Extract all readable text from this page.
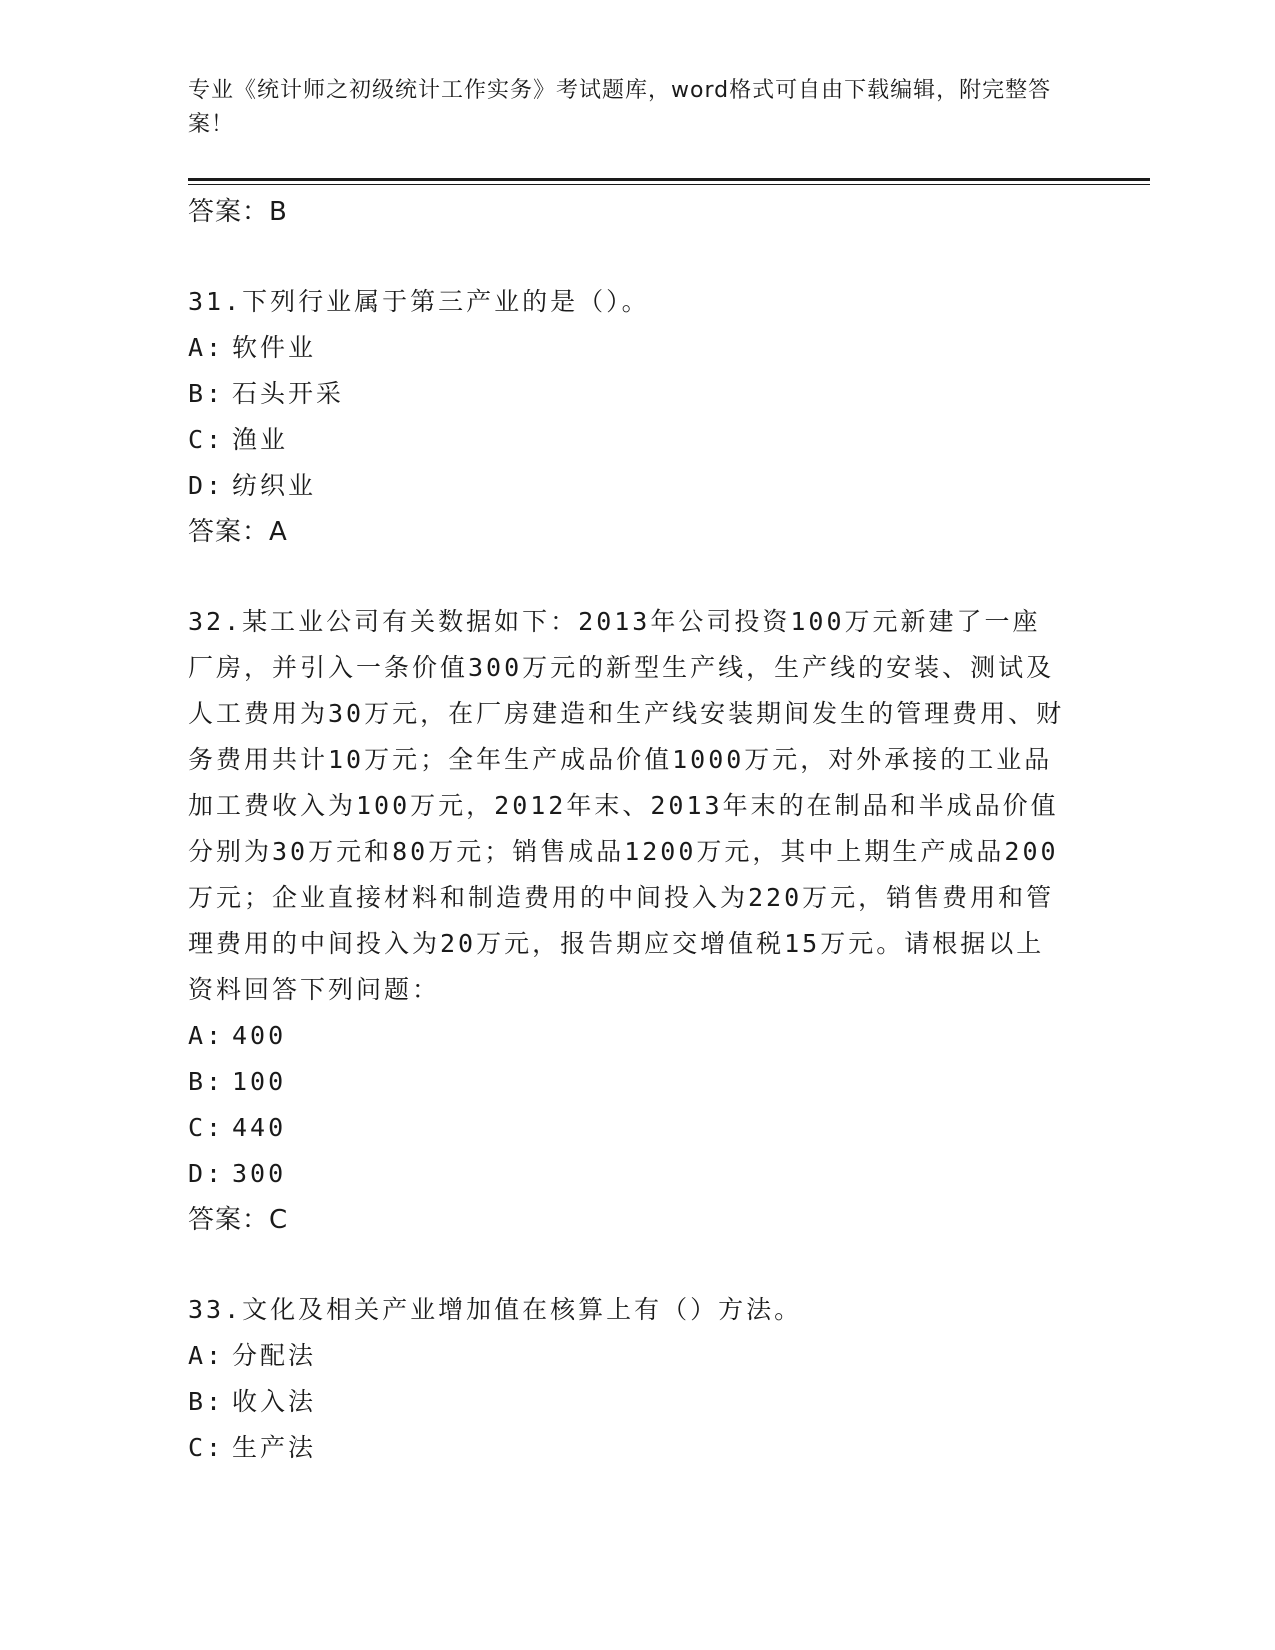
专业《统计师之初级统计工作实务》考试题库，word格式可自由下载编辑，附完整答案！
答案：B
31.下列行业属于第三产业的是（）。
A: 软件业
B: 石头开采
C: 渔业
D: 纺织业
答案：A
32.某工业公司有关数据如下：2013年公司投资100万元新建了一座厂房，并引入一条价值300万元的新型生产线，生产线的安装、测试及人工费用为30万元，在厂房建造和生产线安装期间发生的管理费用、财务费用共计10万元；全年生产成品价值1000万元，对外承接的工业品加工费收入为100万元，2012年末、2013年末的在制品和半成品价值分别为30万元和80万元；销售成品1200万元，其中上期生产成品200万元；企业直接材料和制造费用的中间投入为220万元，销售费用和管理费用的中间投入为20万元，报告期应交增值税15万元。请根据以上资料回答下列问题：
A: 400
B: 100
C: 440
D: 300
答案：C
33.文化及相关产业增加值在核算上有（）方法。
A: 分配法
B: 收入法
C: 生产法
